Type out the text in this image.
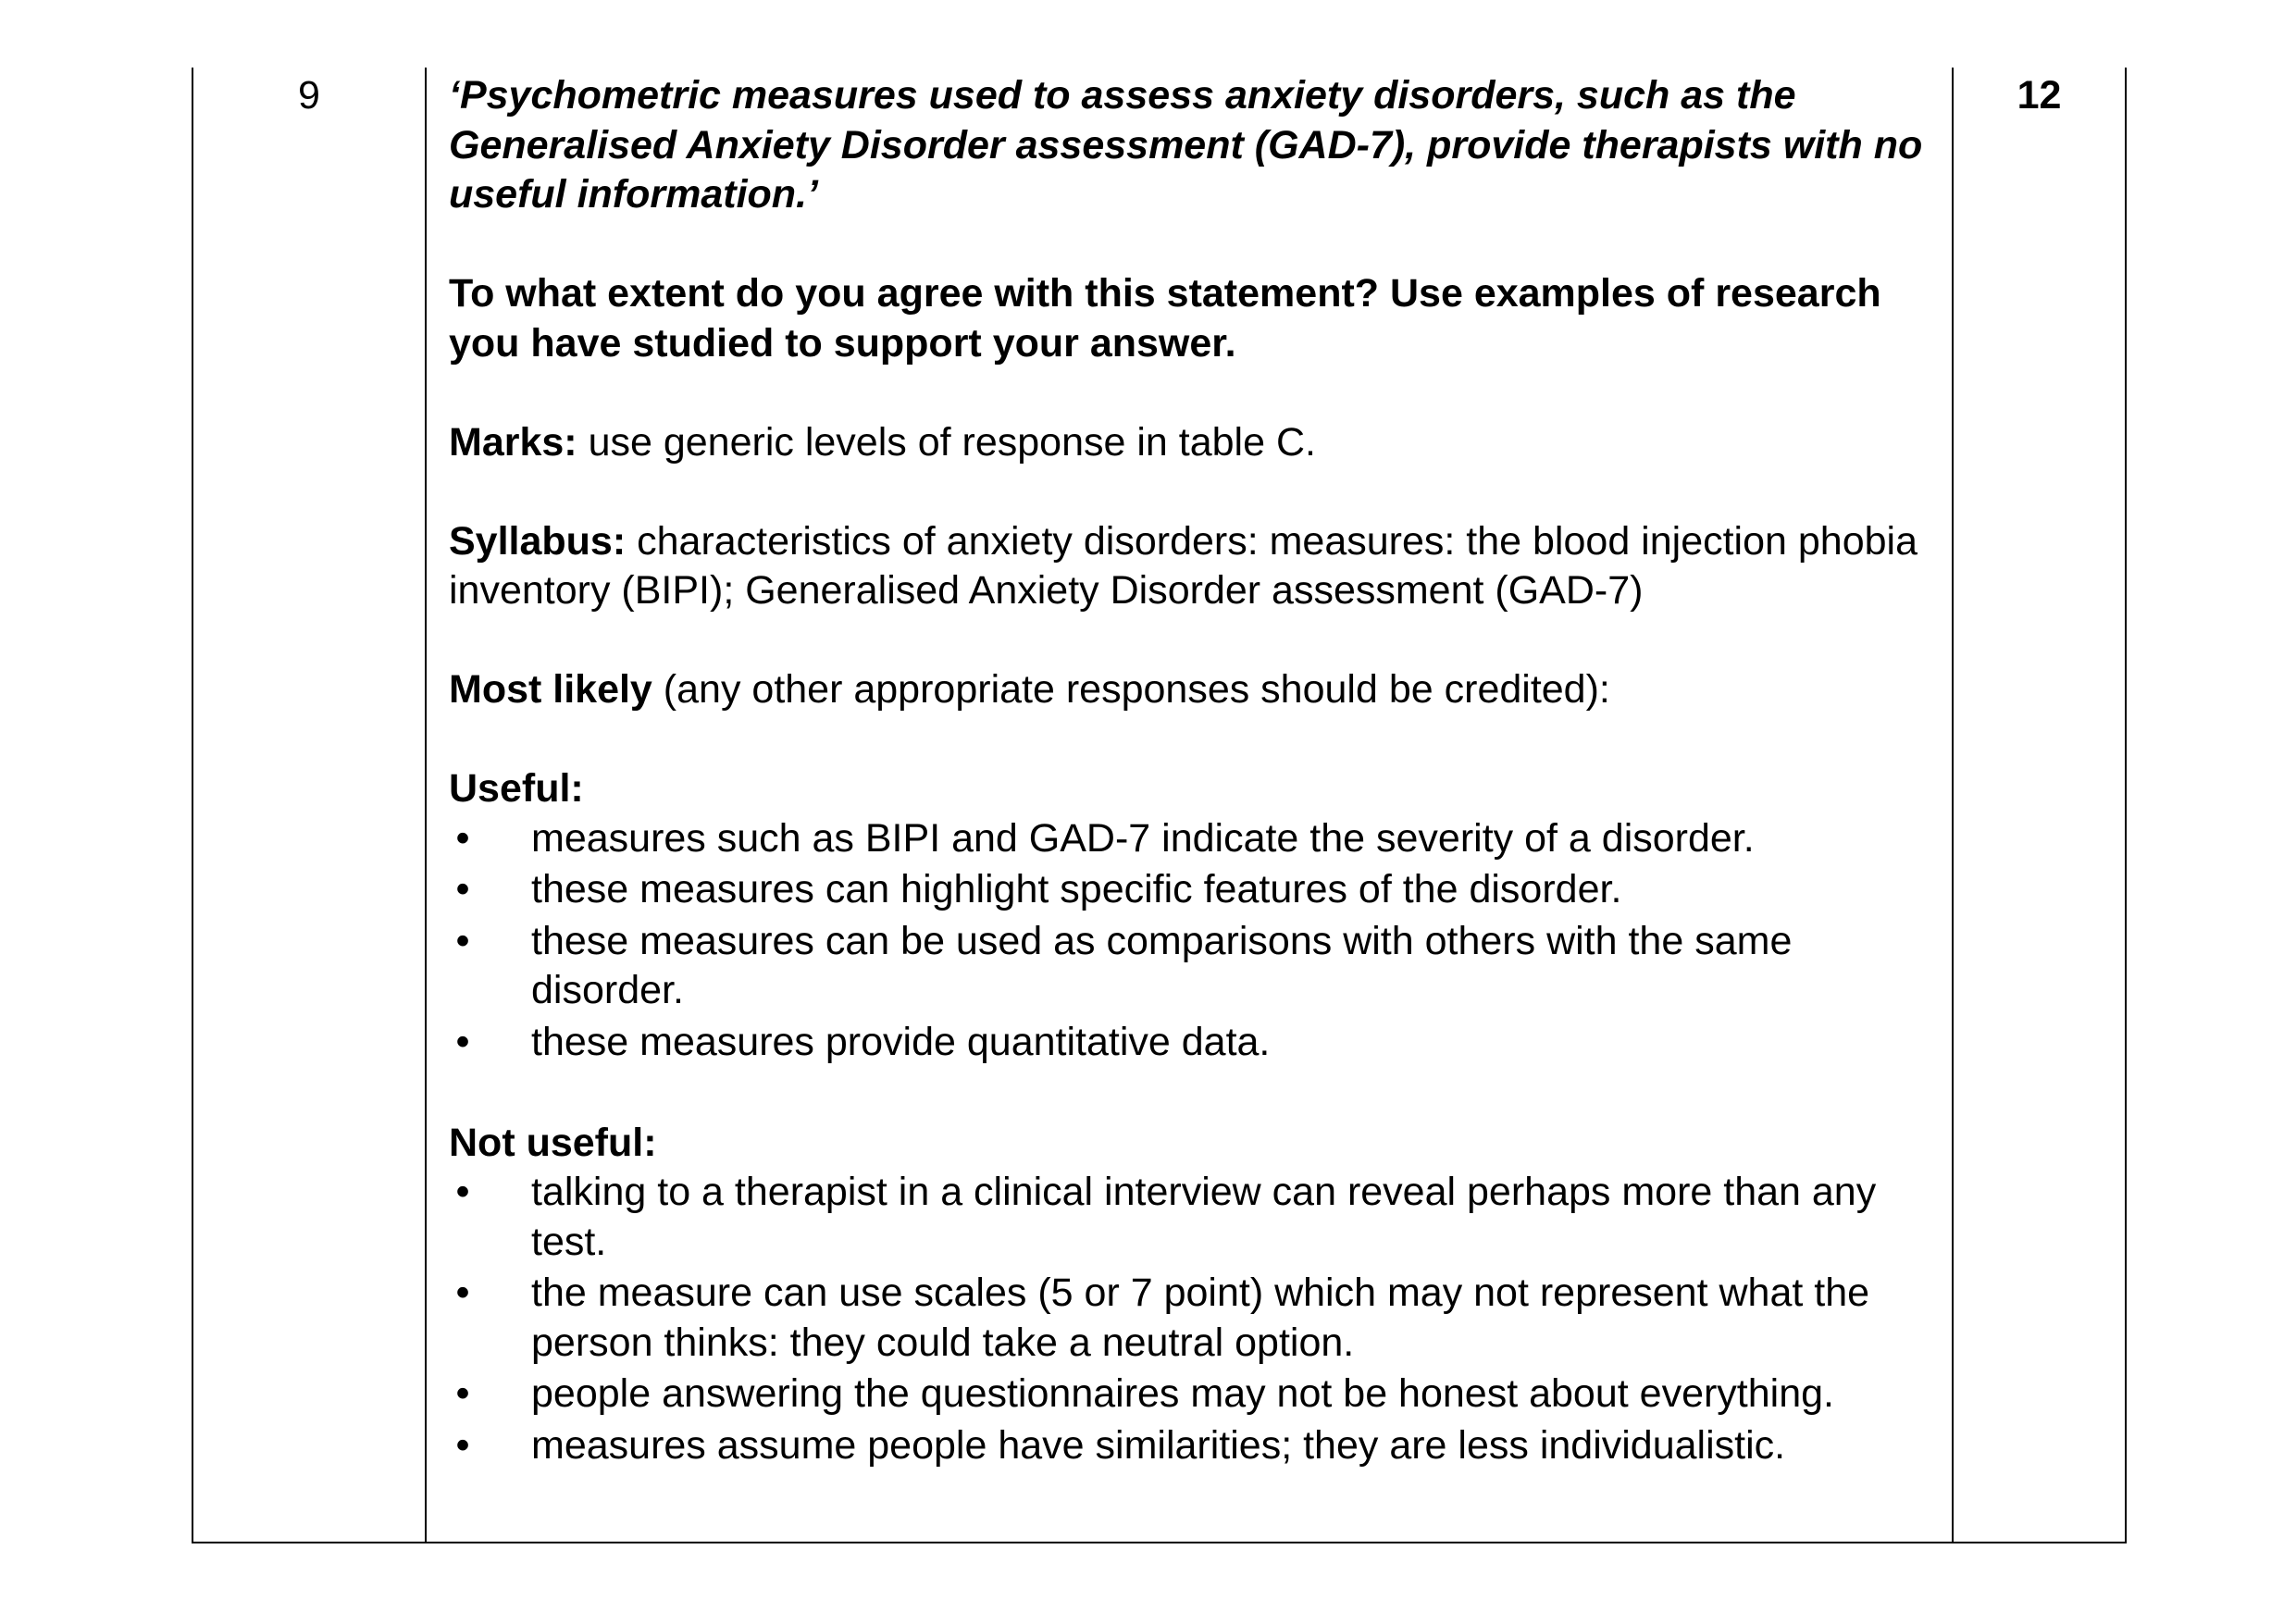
9	‘Psychometric measures used to assess anxiety disorders, such as the Generalised Anxiety Disorder assessment (GAD-7), provide therapists with no useful information.’

To what extent do you agree with this statement? Use examples of research you have studied to support your answer.

Marks: use generic levels of response in table C.

Syllabus: characteristics of anxiety disorders: measures: the blood injection phobia inventory (BIPI); Generalised Anxiety Disorder assessment (GAD-7)

Most likely (any other appropriate responses should be credited):

Useful:

• measures such as BIPI and GAD-7 indicate the severity of a disorder.
• these measures can highlight specific features of the disorder.
• these measures can be used as comparisons with others with the same disorder.
• these measures provide quantitative data.

Not useful:

• talking to a therapist in a clinical interview can reveal perhaps more than any test.
• the measure can use scales (5 or 7 point) which may not represent what the person thinks: they could take a neutral option.
• people answering the questionnaires may not be honest about everything.
• measures assume people have similarities; they are less individualistic.
12
